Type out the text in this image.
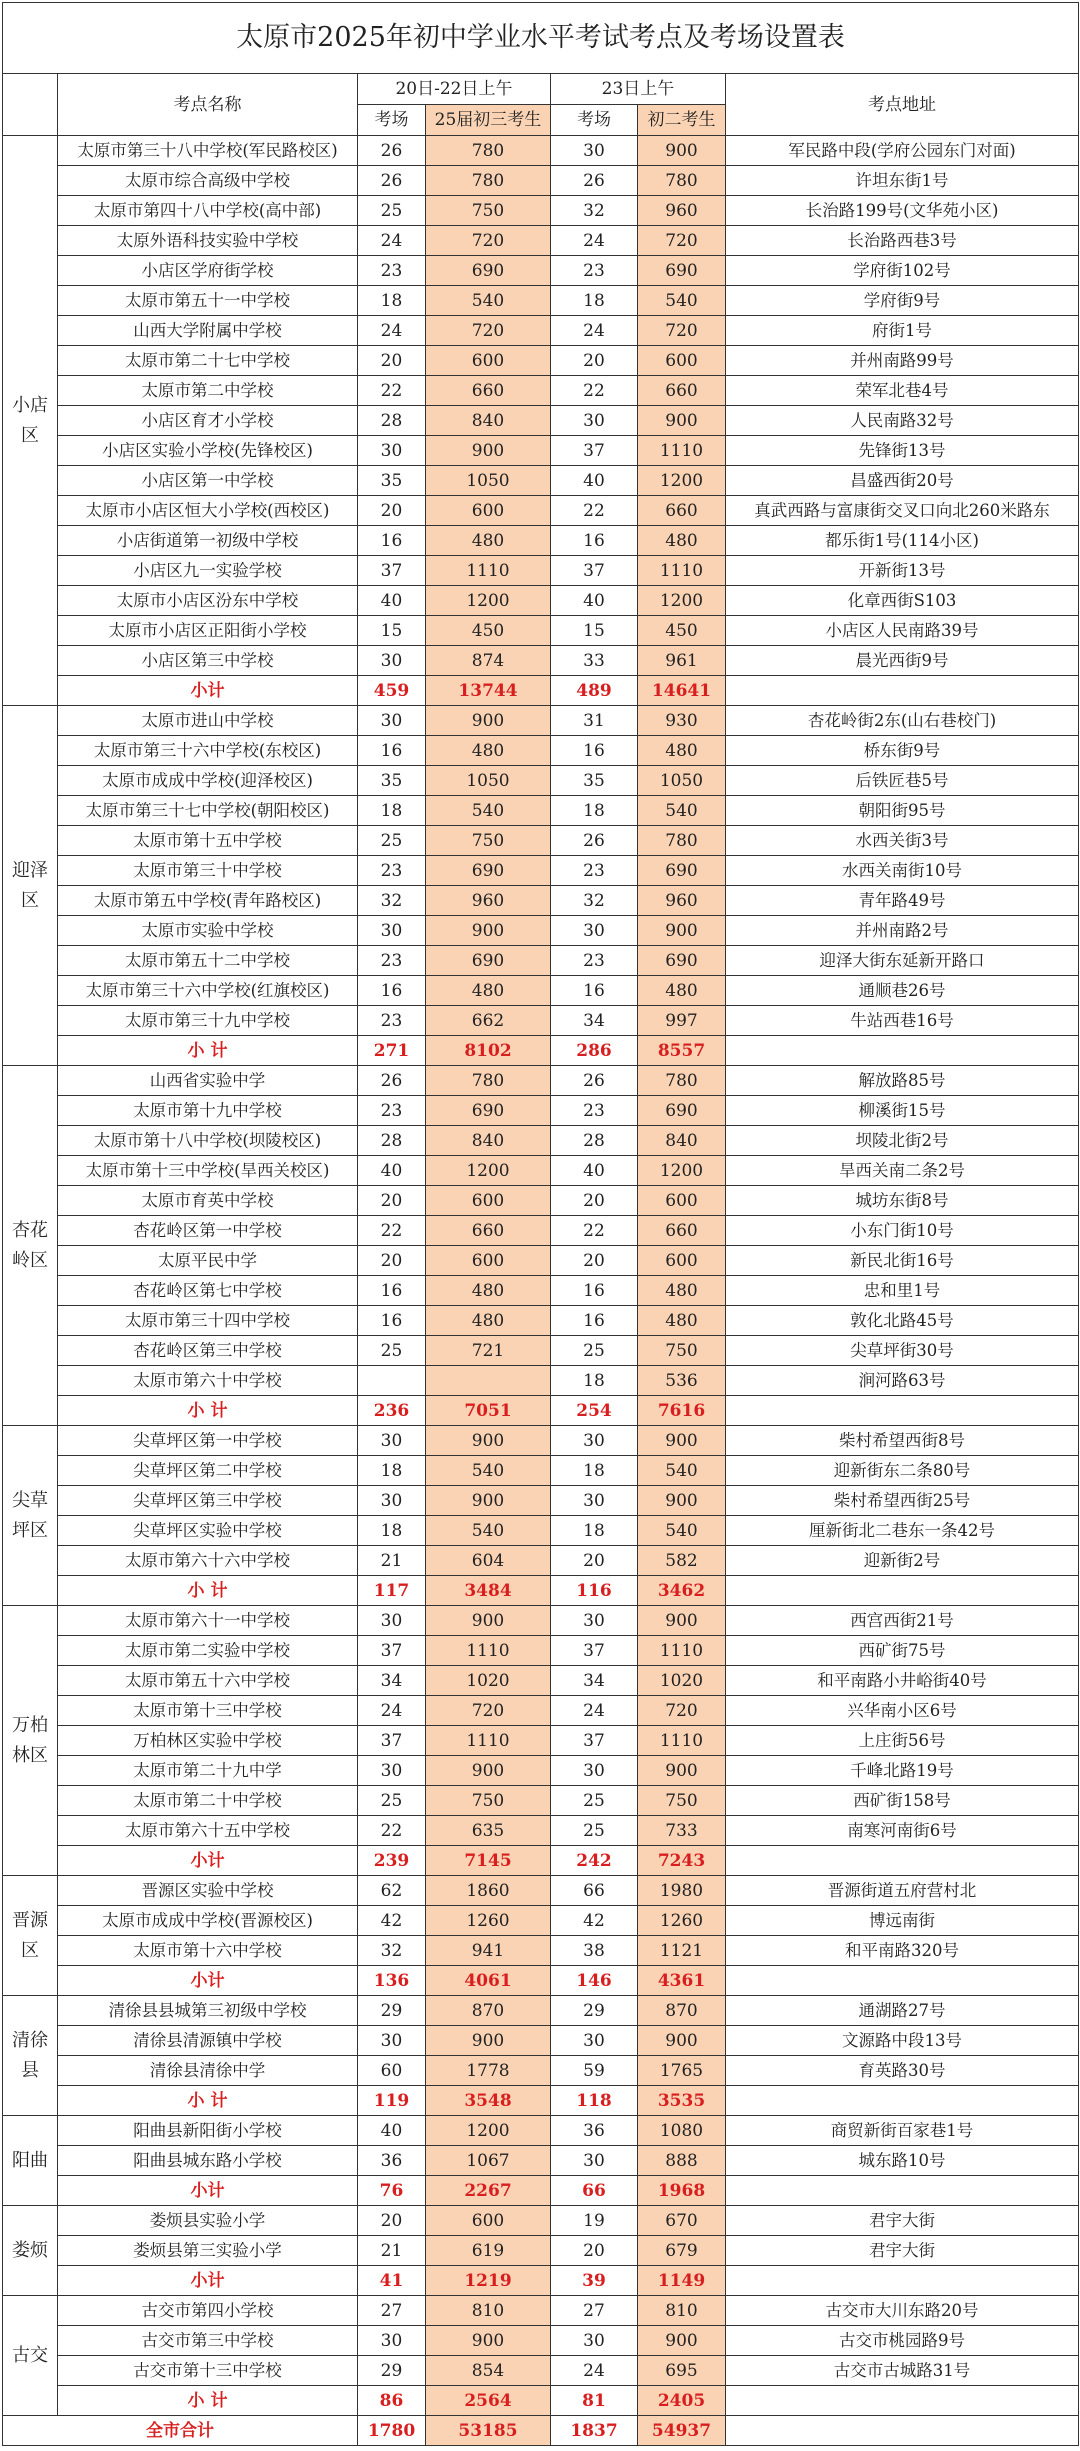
太原市2025年初中学业水平考试考点及考场设置表						
	考点名称	20日-22日上午		23日上午		考点地址
		考场	25届初三考生	考场	初二考生	
小店区	太原市第三十八中学校(军民路校区)	26	780	30	900	军民路中段(学府公园东门对面)
	太原市综合高级中学校	26	780	26	780	许坦东街1号
	太原市第四十八中学校(高中部)	25	750	32	960	长治路199号(文华苑小区)
	太原外语科技实验中学校	24	720	24	720	长治路西巷3号
	小店区学府街学校	23	690	23	690	学府街102号
	太原市第五十一中学校	18	540	18	540	学府街9号
	山西大学附属中学校	24	720	24	720	府街1号
	太原市第二十七中学校	20	600	20	600	并州南路99号
	太原市第二中学校	22	660	22	660	荣军北巷4号
	小店区育才小学校	28	840	30	900	人民南路32号
	小店区实验小学校(先锋校区)	30	900	37	1110	先锋街13号
	小店区第一中学校	35	1050	40	1200	昌盛西街20号
	太原市小店区恒大小学校(西校区)	20	600	22	660	真武西路与富康街交叉口向北260米路东
	小店街道第一初级中学校	16	480	16	480	都乐街1号(114小区)
	小店区九一实验学校	37	1110	37	1110	开新街13号
	太原市小店区汾东中学校	40	1200	40	1200	化章西街S103
	太原市小店区正阳街小学校	15	450	15	450	小店区人民南路39号
	小店区第三中学校	30	874	33	961	晨光西街9号
	小计	459	13744	489	14641	
迎泽区	太原市进山中学校	30	900	31	930	杏花岭街2东(山右巷校门)
	太原市第三十六中学校(东校区)	16	480	16	480	桥东街9号
	太原市成成中学校(迎泽校区)	35	1050	35	1050	后铁匠巷5号
	太原市第三十七中学校(朝阳校区)	18	540	18	540	朝阳街95号
	太原市第十五中学校	25	750	26	780	水西关街3号
	太原市第三十中学校	23	690	23	690	水西关南街10号
	太原市第五中学校(青年路校区)	32	960	32	960	青年路49号
	太原市实验中学校	30	900	30	900	并州南路2号
	太原市第五十二中学校	23	690	23	690	迎泽大街东延新开路口
	太原市第三十六中学校(红旗校区)	16	480	16	480	通顺巷26号
	太原市第三十九中学校	23	662	34	997	牛站西巷16号
	小 计	271	8102	286	8557	
杏花岭区	山西省实验中学	26	780	26	780	解放路85号
	太原市第十九中学校	23	690	23	690	柳溪街15号
	太原市第十八中学校(坝陵校区)	28	840	28	840	坝陵北街2号
	太原市第十三中学校(旱西关校区)	40	1200	40	1200	旱西关南二条2号
	太原市育英中学校	20	600	20	600	城坊东街8号
	杏花岭区第一中学校	22	660	22	660	小东门街10号
	太原平民中学	20	600	20	600	新民北街16号
	杏花岭区第七中学校	16	480	16	480	忠和里1号
	太原市第三十四中学校	16	480	16	480	敦化北路45号
	杏花岭区第三中学校	25	721	25	750	尖草坪街30号
	太原市第六十中学校			18	536	涧河路63号
	小 计	236	7051	254	7616	
尖草坪区	尖草坪区第一中学校	30	900	30	900	柴村希望西街8号
	尖草坪区第二中学校	18	540	18	540	迎新街东二条80号
	尖草坪区第三中学校	30	900	30	900	柴村希望西街25号
	尖草坪区实验中学校	18	540	18	540	厘新街北二巷东一条42号
	太原市第六十六中学校	21	604	20	582	迎新街2号
	小 计	117	3484	116	3462	
万柏林区	太原市第六十一中学校	30	900	30	900	西宫西街21号
	太原市第二实验中学校	37	1110	37	1110	西矿街75号
	太原市第五十六中学校	34	1020	34	1020	和平南路小井峪街40号
	太原市第十三中学校	24	720	24	720	兴华南小区6号
	万柏林区实验中学校	37	1110	37	1110	上庄街56号
	太原市第二十九中学	30	900	30	900	千峰北路19号
	太原市第二十中学校	25	750	25	750	西矿街158号
	太原市第六十五中学校	22	635	25	733	南寒河南街6号
	小计	239	7145	242	7243	
晋源区	晋源区实验中学校	62	1860	66	1980	晋源街道五府营村北
	太原市成成中学校(晋源校区)	42	1260	42	1260	博远南街
	太原市第十六中学校	32	941	38	1121	和平南路320号
	小计	136	4061	146	4361	
清徐县	清徐县县城第三初级中学校	29	870	29	870	通湖路27号
	清徐县清源镇中学校	30	900	30	900	文源路中段13号
	清徐县清徐中学	60	1778	59	1765	育英路30号
	小 计	119	3548	118	3535	
阳曲	阳曲县新阳街小学校	40	1200	36	1080	商贸新街百家巷1号
	阳曲县城东路小学校	36	1067	30	888	城东路10号
	小计	76	2267	66	1968	
娄烦	娄烦县实验小学	20	600	19	670	君宇大街
	娄烦县第三实验小学	21	619	20	679	君宇大街
	小计	41	1219	39	1149	
古交	古交市第四小学校	27	810	27	810	古交市大川东路20号
	古交市第三中学校	30	900	30	900	古交市桃园路9号
	古交市第十三中学校	29	854	24	695	古交市古城路31号
	小 计	86	2564	81	2405	
全市合计		1780	53185	1837	54937	
